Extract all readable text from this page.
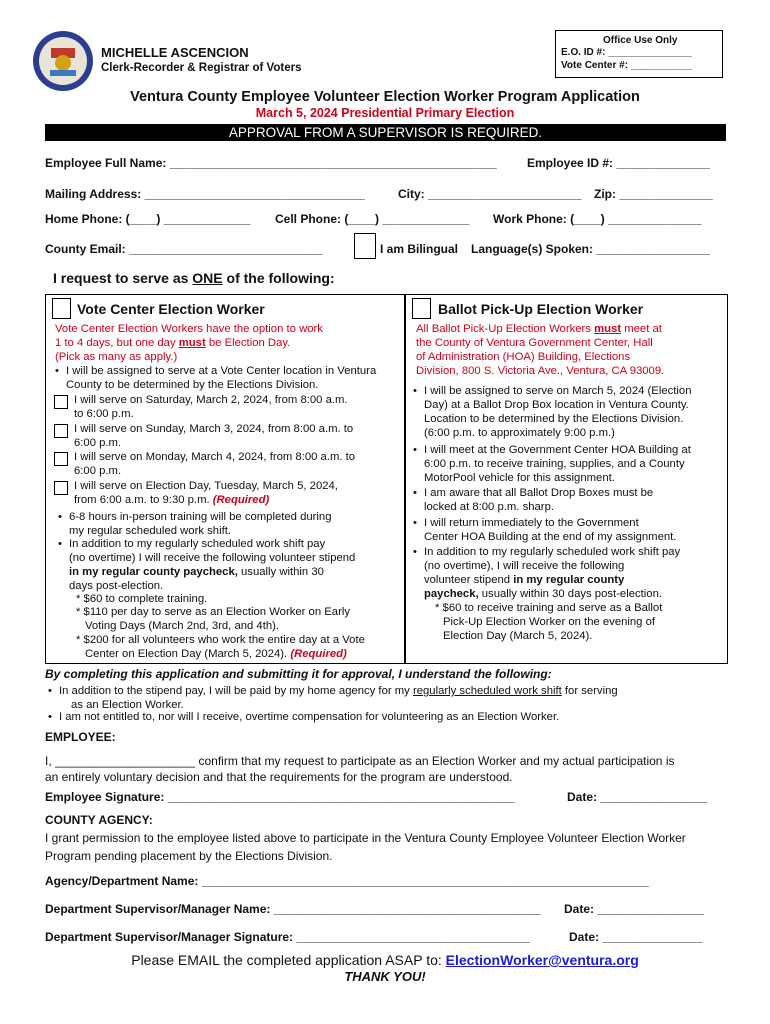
MICHELLE ASCENCION
Clerk-Recorder & Registrar of Voters
Office Use Only
E.O. ID #: _______________
Vote Center #: ___________
Ventura County Employee Volunteer Election Worker Program Application
March 5, 2024 Presidential Primary Election
APPROVAL FROM A SUPERVISOR IS REQUIRED.
Employee Full Name: _________________________________________________	Employee ID #: ______________
Mailing Address: _________________________________	City: _______________________ Zip: ______________
Home Phone: (____) _____________ Cell Phone: (____) _____________ Work Phone: (____) ______________
County Email: _____________________________	I am Bilingual Language(s) Spoken: _________________
I request to serve as ONE of the following:
Vote Center Election Worker
Vote Center Election Workers have the option to work
1 to 4 days, but one day must be Election Day.
(Pick as many as apply.)
• I will be assigned to serve at a Vote Center location in Ventura
County to be determined by the Elections Division.
I will serve on Saturday, March 2, 2024, from 8:00 a.m.
to 6:00 p.m.
I will serve on Sunday, March 3, 2024, from 8:00 a.m. to
6:00 p.m.
I will serve on Monday, March 4, 2024, from 8:00 a.m. to
6:00 p.m.
I will serve on Election Day, Tuesday, March 5, 2024,
from 6:00 a.m. to 9:30 p.m. (Required)
• 6-8 hours in-person training will be completed during
my regular scheduled work shift.
• In addition to my regularly scheduled work shift pay
(no overtime) I will receive the following volunteer stipend
in my regular county paycheck, usually within 30
days post-election.
* $60 to complete training.
* $110 per day to serve as an Election Worker on Early
Voting Days (March 2nd, 3rd, and 4th).
* $200 for all volunteers who work the entire day at a Vote
Center on Election Day (March 5, 2024). (Required)
Ballot Pick-Up Election Worker
All Ballot Pick-Up Election Workers must meet at
the County of Ventura Government Center, Hall
of Administration (HOA) Building, Elections
Division, 800 S. Victoria Ave., Ventura, CA 93009.
• I will be assigned to serve on March 5, 2024 (Election
Day) at a Ballot Drop Box location in Ventura County.
Location to be determined by the Elections Division.
(6:00 p.m. to approximately 9:00 p.m.)
• I will meet at the Government Center HOA Building at
6:00 p.m. to receive training, supplies, and a County
MotorPool vehicle for this assignment.
• I am aware that all Ballot Drop Boxes must be
locked at 8:00 p.m. sharp.
• I will return immediately to the Government
Center HOA Building at the end of my assignment.
• In addition to my regularly scheduled work shift pay
(no overtime), I will receive the following
volunteer stipend in my regular county
paycheck, usually within 30 days post-election.
* $60 to receive training and serve as a Ballot
Pick-Up Election Worker on the evening of
Election Day (March 5, 2024).
By completing this application and submitting it for approval, I understand the following:
• In addition to the stipend pay, I will be paid by my home agency for my regularly scheduled work shift for serving
as an Election Worker.
• I am not entitled to, nor will I receive, overtime compensation for volunteering as an Election Worker.
EMPLOYEE:
I, _____________________ confirm that my request to participate as an Election Worker and my actual participation is
an entirely voluntary decision and that the requirements for the program are understood.
Employee Signature: ____________________________________________________	Date: ________________
COUNTY AGENCY:
I grant permission to the employee listed above to participate in the Ventura County Employee Volunteer Election Worker
Program pending placement by the Elections Division.
Agency/Department Name: ___________________________________________________________________
Department Supervisor/Manager Name: ________________________________________ Date: ________________
Department Supervisor/Manager Signature: ___________________________________	Date: _______________
Please EMAIL the completed application ASAP to: ElectionWorker@ventura.org
THANK YOU!
